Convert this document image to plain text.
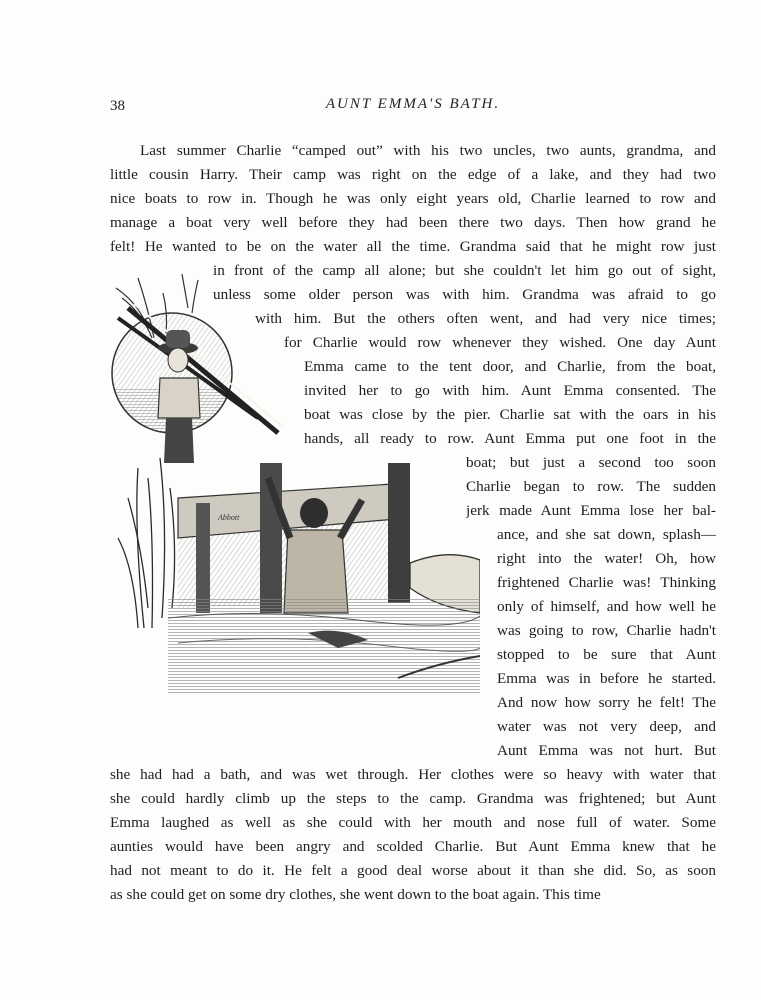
38	AUNT EMMA'S BATH.
Abbott
Last summer Charlie “camped out” with his two uncles, two aunts, grandma, and
little cousin Harry. Their camp was right on the edge of a lake, and they had two
nice boats to row in. Though he was only eight years old, Charlie learned to row and
manage a boat very well before they had been there two days. Then how grand he
felt! He wanted to be on the water all the time. Grandma said that he might row just
in front of the camp all alone; but she couldn't let him go out of sight,
unless some older person was with him. Grandma was afraid to go
with him. But the others often went, and had very nice times;
for Charlie would row whenever they wished. One day Aunt
Emma came to the tent door, and Charlie, from the boat,
invited her to go with him. Aunt Emma consented. The
boat was close by the pier. Charlie sat with the oars in his
hands, all ready to row. Aunt Emma put one foot in the
boat; but just a second too soon
Charlie began to row. The sudden
jerk made Aunt Emma lose her bal-
ance, and she sat down, splash—
right into the water! Oh, how
frightened Charlie was! Thinking
only of himself, and how well he
was going to row, Charlie hadn't
stopped to be sure that Aunt
Emma was in before he started.
And now how sorry he felt! The
water was not very deep, and
Aunt Emma was not hurt. But
she had had a bath, and was wet through. Her clothes were so heavy with water that
she could hardly climb up the steps to the camp. Grandma was frightened; but Aunt
Emma laughed as well as she could with her mouth and nose full of water. Some
aunties would have been angry and scolded Charlie. But Aunt Emma knew that he
had not meant to do it. He felt a good deal worse about it than she did. So, as soon
as she could get on some dry clothes, she went down to the boat again. This time
